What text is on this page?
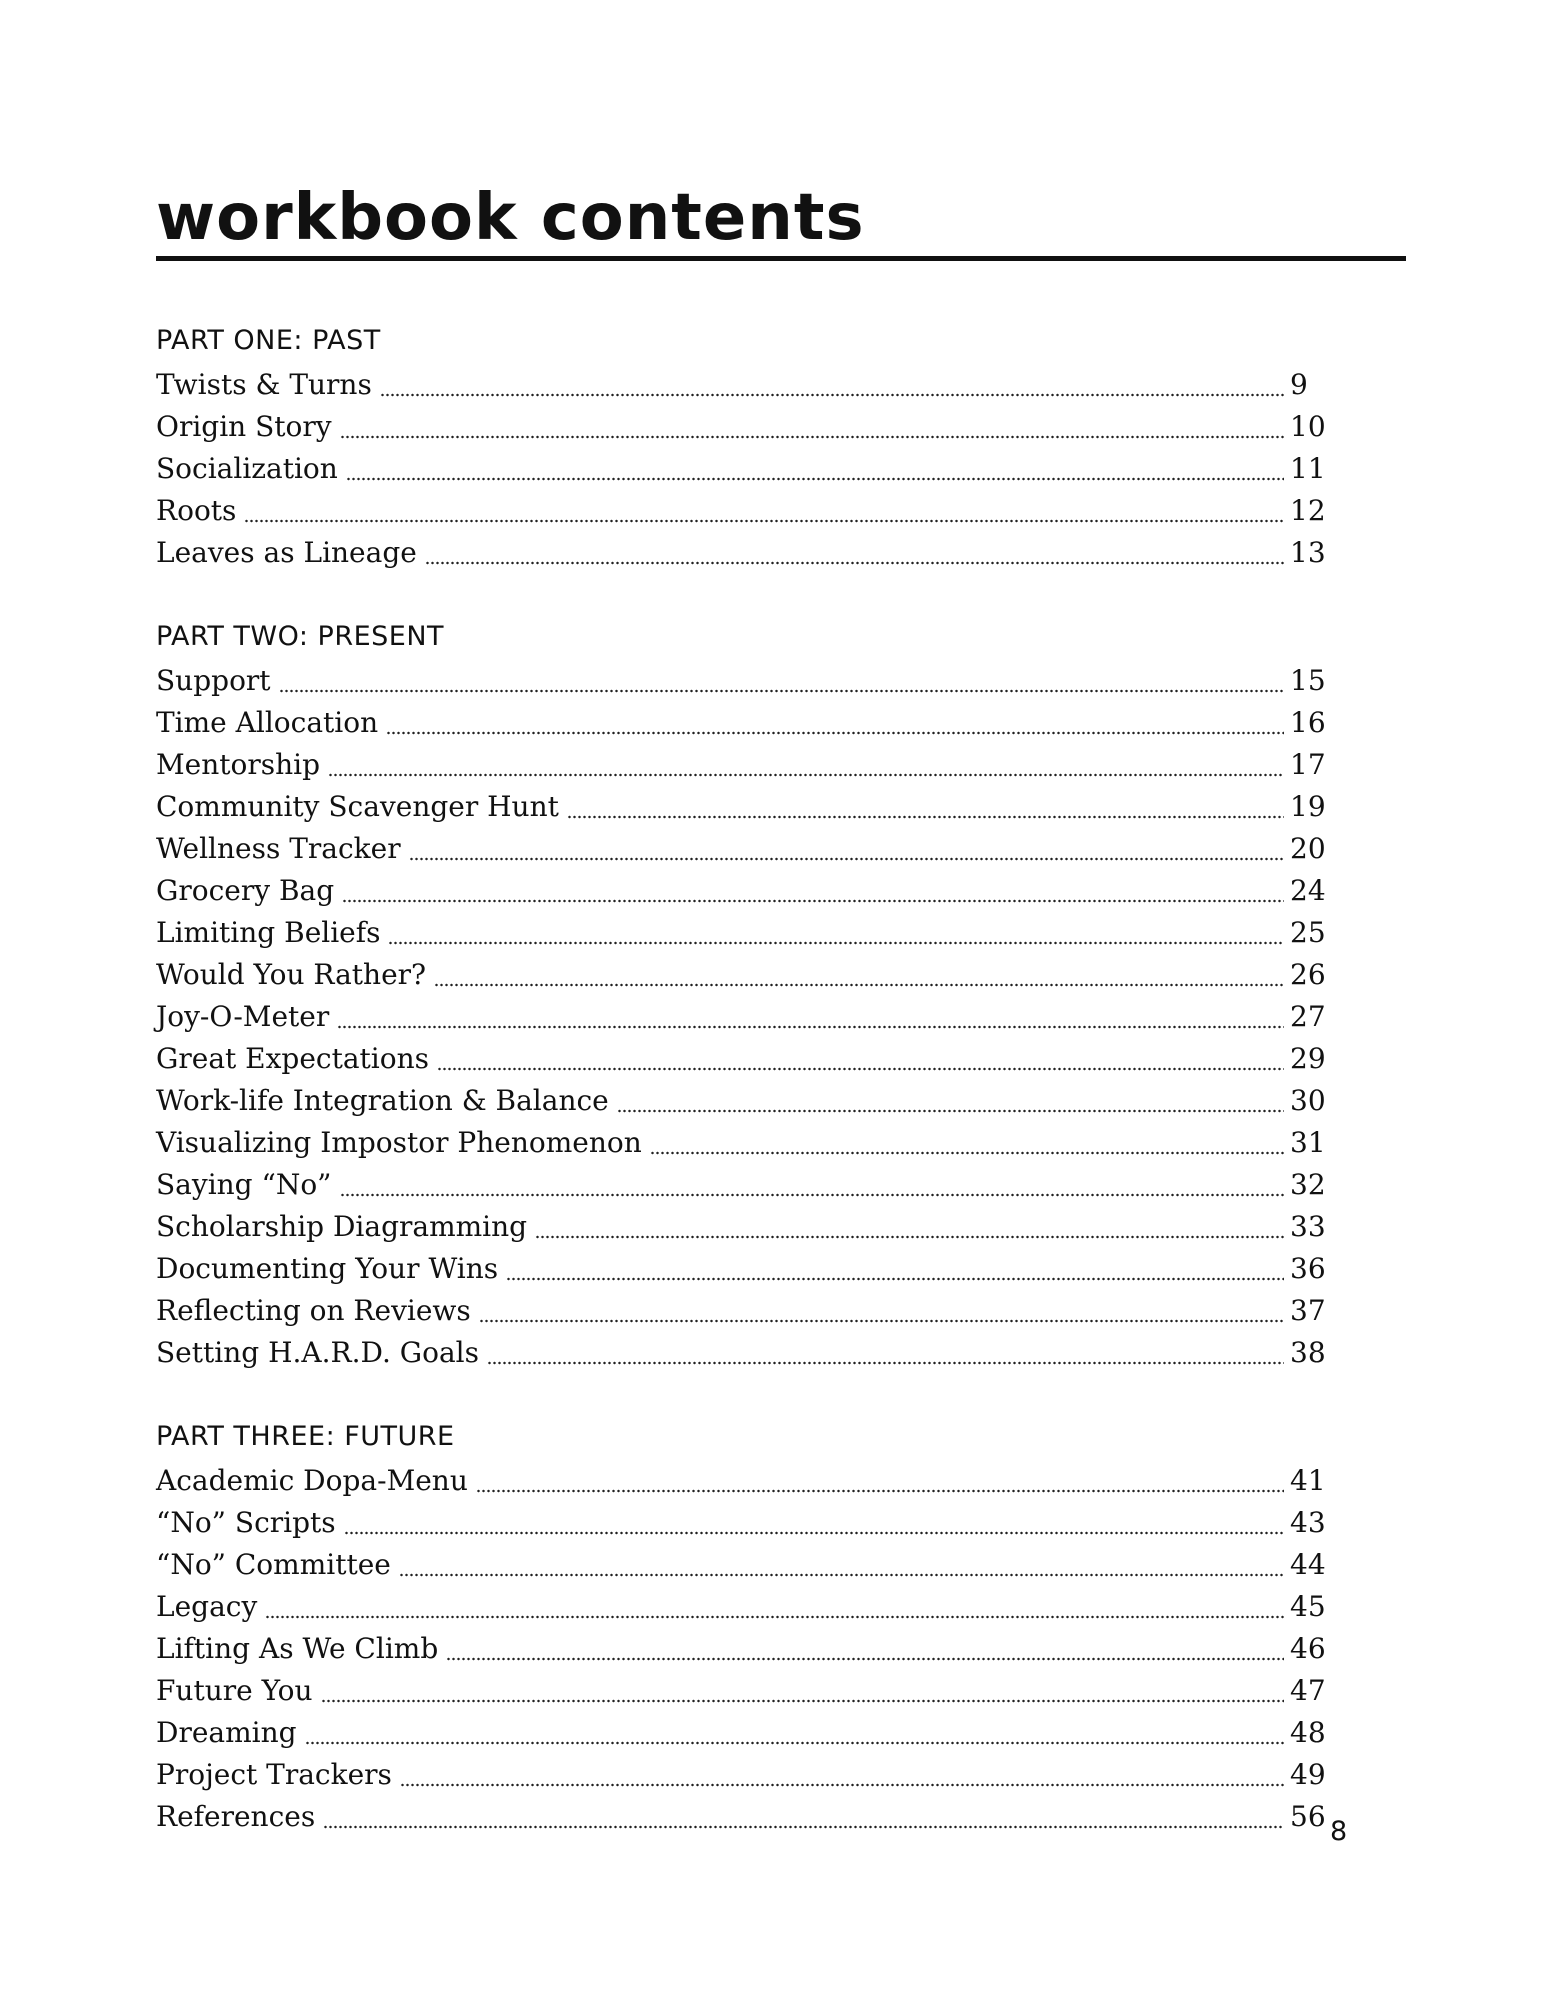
workbook contents
PART ONE: PAST
Twists & Turns	9
Origin Story	10
Socialization	11
Roots	12
Leaves as Lineage	13
PART TWO: PRESENT
Support	15
Time Allocation	16
Mentorship	17
Community Scavenger Hunt	19
Wellness Tracker	20
Grocery Bag	24
Limiting Beliefs	25
Would You Rather?	26
Joy-O-Meter	27
Great Expectations	29
Work-life Integration & Balance	30
Visualizing Impostor Phenomenon	31
Saying “No”	32
Scholarship Diagramming	33
Documenting Your Wins	36
Reflecting on Reviews	37
Setting H.A.R.D. Goals	38
PART THREE: FUTURE
Academic Dopa-Menu	41
“No” Scripts	43
“No” Committee	44
Legacy	45
Lifting As We Climb	46
Future You	47
Dreaming	48
Project Trackers	49
References	56 8
